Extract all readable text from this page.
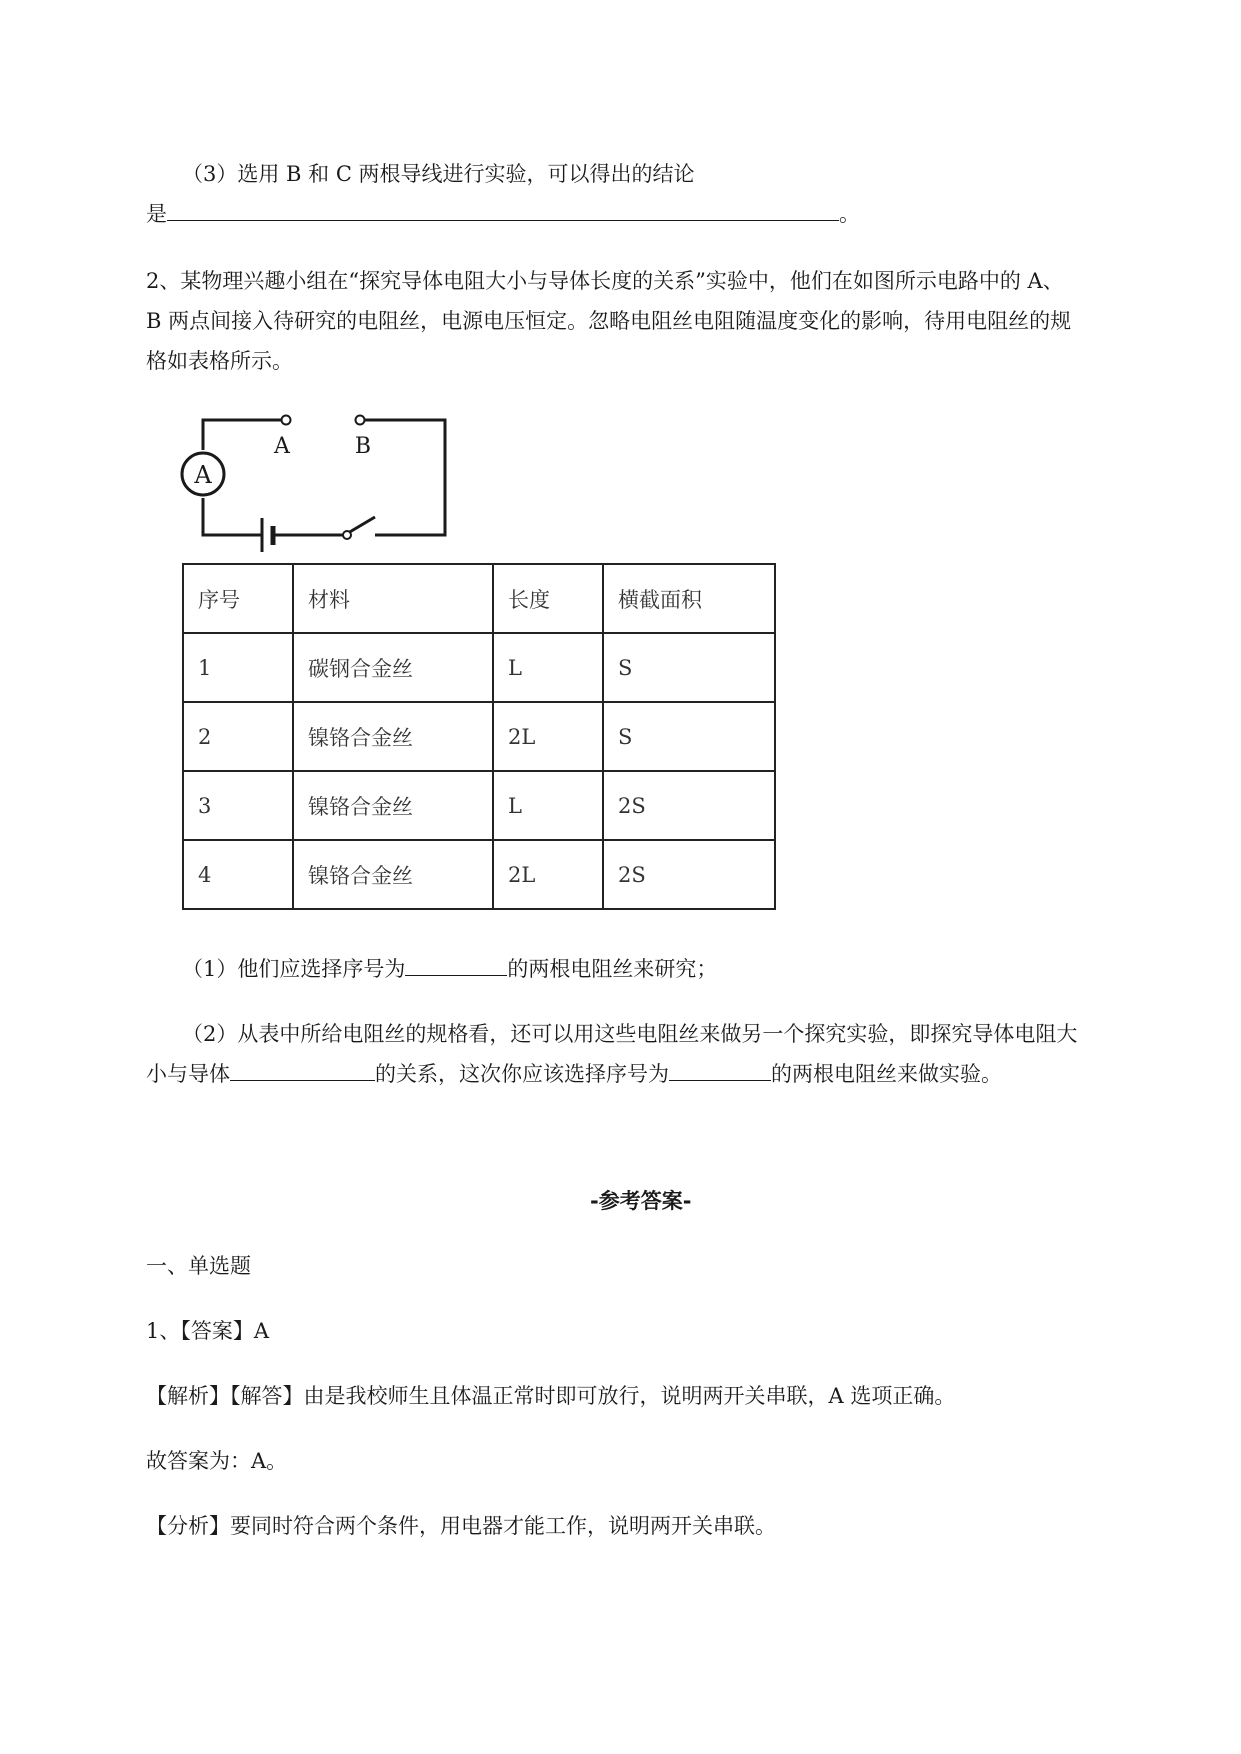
（3）选用 B 和 C 两根导线进行实验，可以得出的结论
是	。
2、某物理兴趣小组在“探究导体电阻大小与导体长度的关系”实验中，他们在如图所示电路中的 A、
B 两点间接入待研究的电阻丝，电源电压恒定。忽略电阻丝电阻随温度变化的影响，待用电阻丝的规
格如表格所示。
A
A	B
序号	材料	长度	横截面积
1	碳钢合金丝	L	S
2	镍铬合金丝	2L	S
3	镍铬合金丝	L	2S
4	镍铬合金丝	2L	2S
（1）他们应选择序号为	的两根电阻丝来研究；
（2）从表中所给电阻丝的规格看，还可以用这些电阻丝来做另一个探究实验，即探究导体电阻大
小与导体	的关系，这次你应该选择序号为	的两根电阻丝来做实验。
-参考答案-
一、单选题
1、【答案】A
【解析】【解答】由是我校师生且体温正常时即可放行，说明两开关串联，A 选项正确。
故答案为：A。
【分析】要同时符合两个条件，用电器才能工作，说明两开关串联。
